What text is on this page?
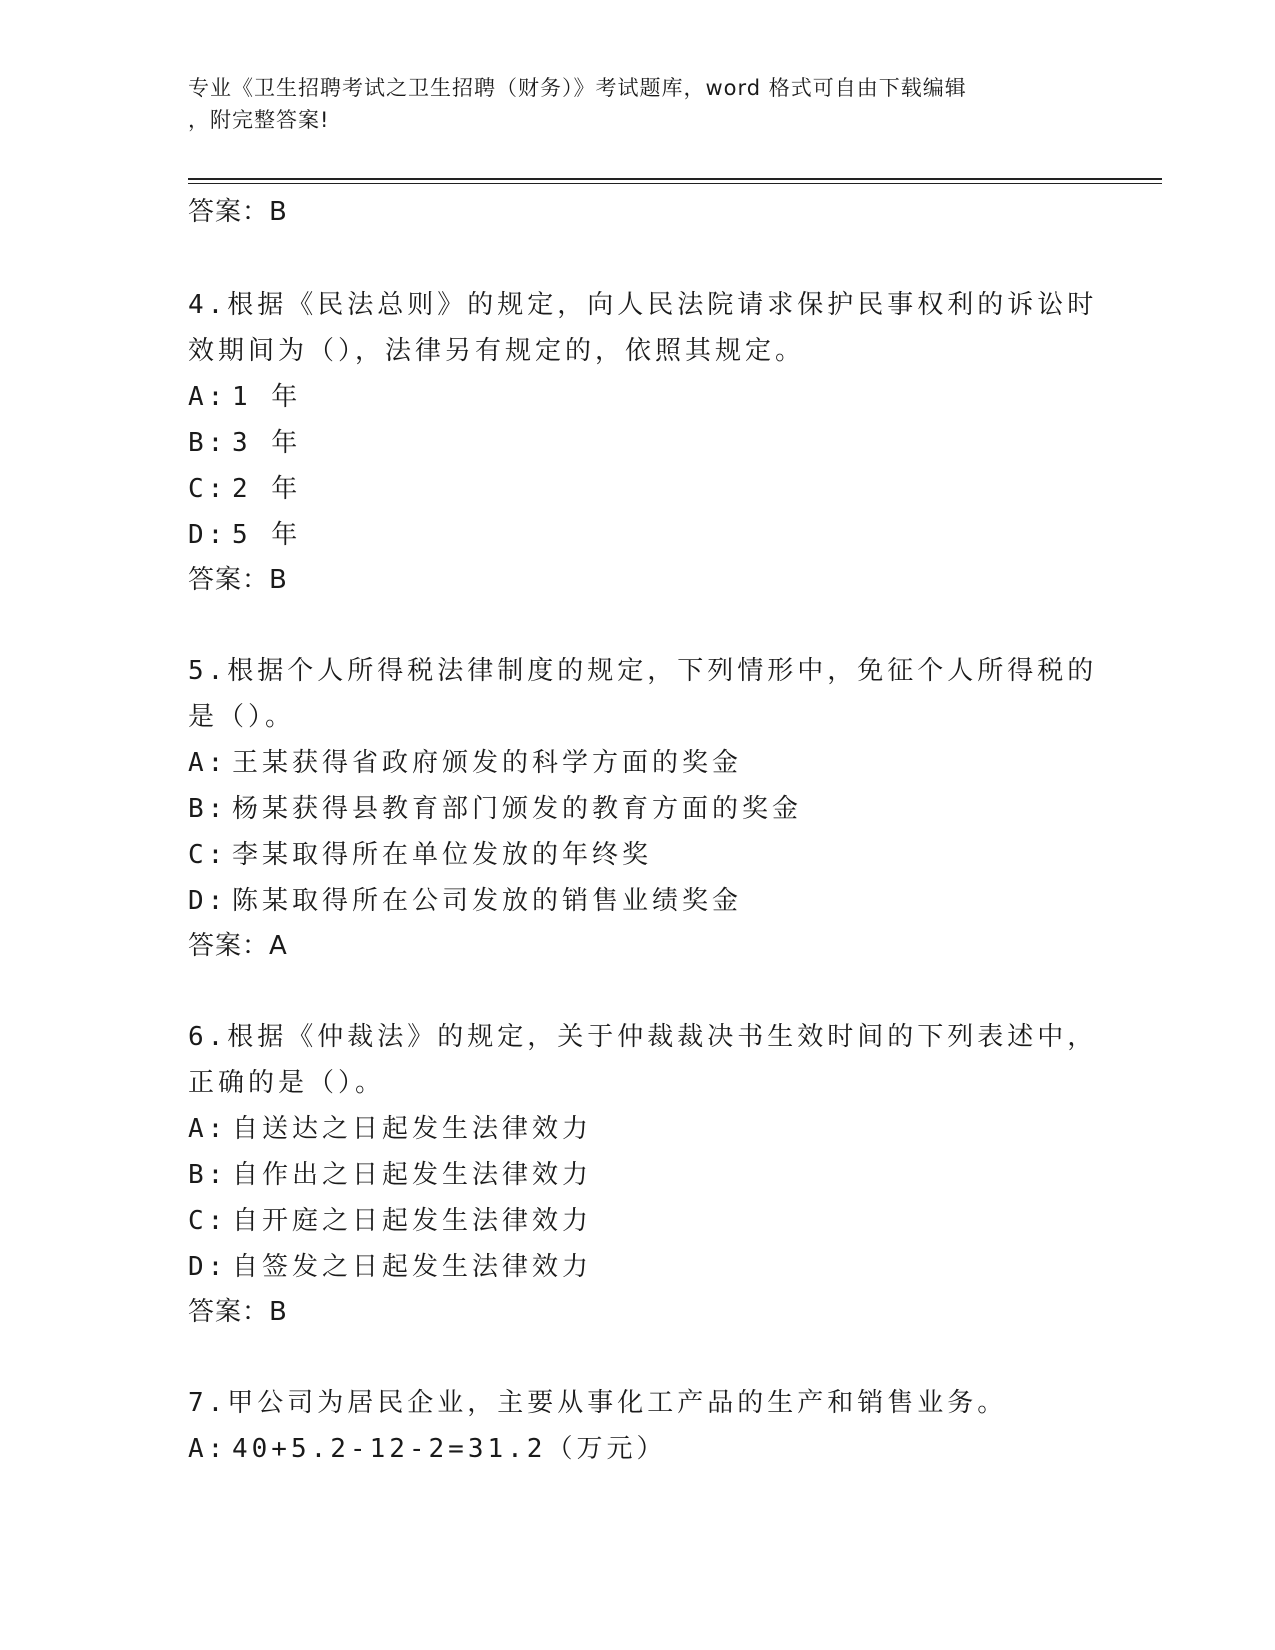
专业《卫生招聘考试之卫生招聘（财务）》考试题库，word 格式可自由下载编辑
，附完整答案!
答案：B
4.根据《民法总则》的规定，向人民法院请求保护民事权利的诉讼时
效期间为（），法律另有规定的，依照其规定。
A: 1 年
B: 3 年
C: 2 年
D: 5 年
答案：B
5.根据个人所得税法律制度的规定，下列情形中，免征个人所得税的
是（）。
A: 王某获得省政府颁发的科学方面的奖金
B: 杨某获得县教育部门颁发的教育方面的奖金
C: 李某取得所在单位发放的年终奖
D: 陈某取得所在公司发放的销售业绩奖金
答案：A
6.根据《仲裁法》的规定，关于仲裁裁决书生效时间的下列表述中，
正确的是（）。
A: 自送达之日起发生法律效力
B: 自作出之日起发生法律效力
C: 自开庭之日起发生法律效力
D: 自签发之日起发生法律效力
答案：B
7.甲公司为居民企业，主要从事化工产品的生产和销售业务。
A: 40+5.2-12-2=31.2（万元）
